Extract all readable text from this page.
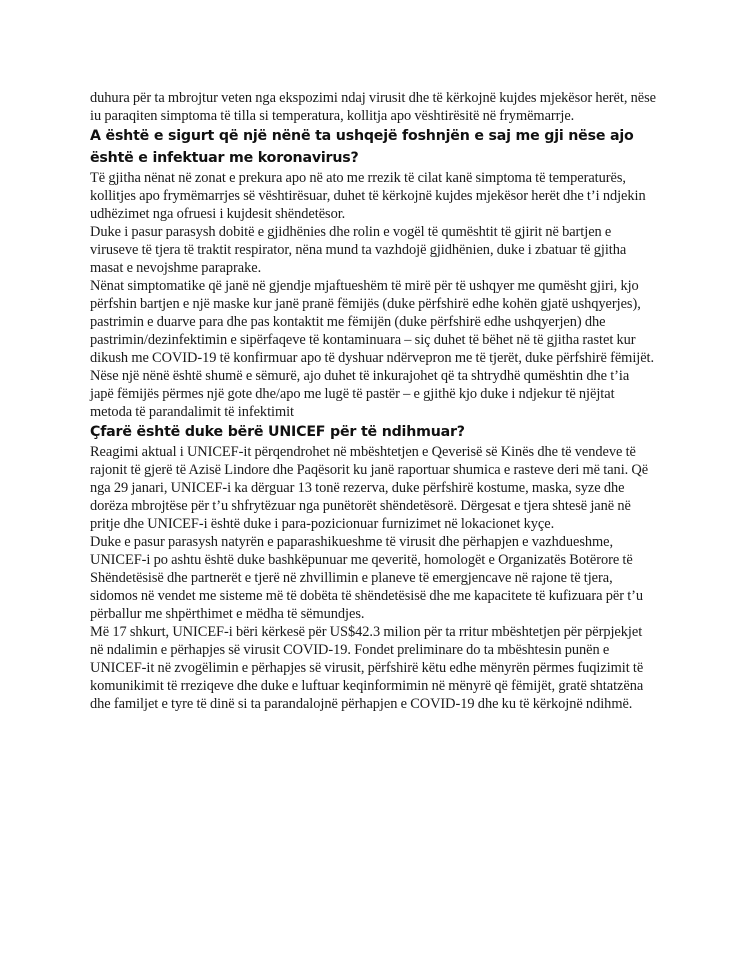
duhura për ta mbrojtur veten nga ekspozimi ndaj virusit dhe të kërkojnë kujdes mjekësor herët, nëse iu paraqiten simptoma të tilla si temperatura, kollitja apo vështirësitë në frymëmarrje.

A është e sigurt që një nënë ta ushqejë foshnjën e saj me gji nëse ajo është e infektuar me koronavirus?

Të gjitha nënat në zonat e prekura apo në ato me rrezik të cilat kanë simptoma të temperaturës, kollitjes apo frymëmarrjes së vështirësuar, duhet të kërkojnë kujdes mjekësor herët dhe t’i ndjekin udhëzimet nga ofruesi i kujdesit shëndetësor.

Duke i pasur parasysh dobitë e gjidhënies dhe rolin e vogël të qumështit të gjirit në bartjen e viruseve të tjera të traktit respirator, nëna mund ta vazhdojë gjidhënien, duke i zbatuar të gjitha masat e nevojshme paraprake.

Nënat simptomatike që janë në gjendje mjaftueshëm të mirë për të ushqyer me qumësht gjiri, kjo përfshin bartjen e një maske kur janë pranë fëmijës (duke përfshirë edhe kohën gjatë ushqyerjes), pastrimin e duarve para dhe pas kontaktit me fëmijën (duke përfshirë edhe ushqyerjen) dhe pastrimin/dezinfektimin e sipërfaqeve të kontaminuara – siç duhet të bëhet në të gjitha rastet kur dikush me COVID-19 të konfirmuar apo të dyshuar ndërvepron me të tjerët, duke përfshirë fëmijët.

Nëse një nënë është shumë e sëmurë, ajo duhet të inkurajohet që ta shtrydhë qumështin dhe t’ia japë fëmijës përmes një gote dhe/apo me lugë të pastër – e gjithë kjo duke i ndjekur të njëjtat metoda të parandalimit të infektimit

Çfarë është duke bërë UNICEF për të ndihmuar?

Reagimi aktual i UNICEF-it përqendrohet në mbështetjen e Qeverisë së Kinës dhe të vendeve të rajonit të gjerë të Azisë Lindore dhe Paqësorit ku janë raportuar shumica e rasteve deri më tani. Që nga 29 janari, UNICEF-i ka dërguar 13 tonë rezerva, duke përfshirë kostume, maska, syze dhe dorëza mbrojtëse për t’u shfrytëzuar nga punëtorët shëndetësorë. Dërgesat e tjera shtesë janë në pritje dhe UNICEF-i është duke i para-pozicionuar furnizimet në lokacionet kyçe.

Duke e pasur parasysh natyrën e paparashikueshme të virusit dhe përhapjen e vazhdueshme, UNICEF-i po ashtu është duke bashkëpunuar me qeveritë, homologët e Organizatës Botërore të Shëndetësisë dhe partnerët e tjerë në zhvillimin e planeve të emergjencave në rajone të tjera, sidomos në vendet me sisteme më të dobëta të shëndetësisë dhe me kapacitete të kufizuara për t’u përballur me shpërthimet e mëdha të sëmundjes.

Më 17 shkurt, UNICEF-i bëri kërkesë për US$42.3 milion për ta rritur mbështetjen për përpjekjet në ndalimin e përhapjes së virusit COVID-19. Fondet preliminare do ta mbështesin punën e UNICEF-it në zvogëlimin e përhapjes së virusit, përfshirë këtu edhe mënyrën përmes fuqizimit të komunikimit të rreziqeve dhe duke e luftuar keqinformimin në mënyrë që fëmijët, gratë shtatzëna dhe familjet e tyre të dinë si ta parandalojnë përhapjen e COVID-19 dhe ku të kërkojnë ndihmë.
